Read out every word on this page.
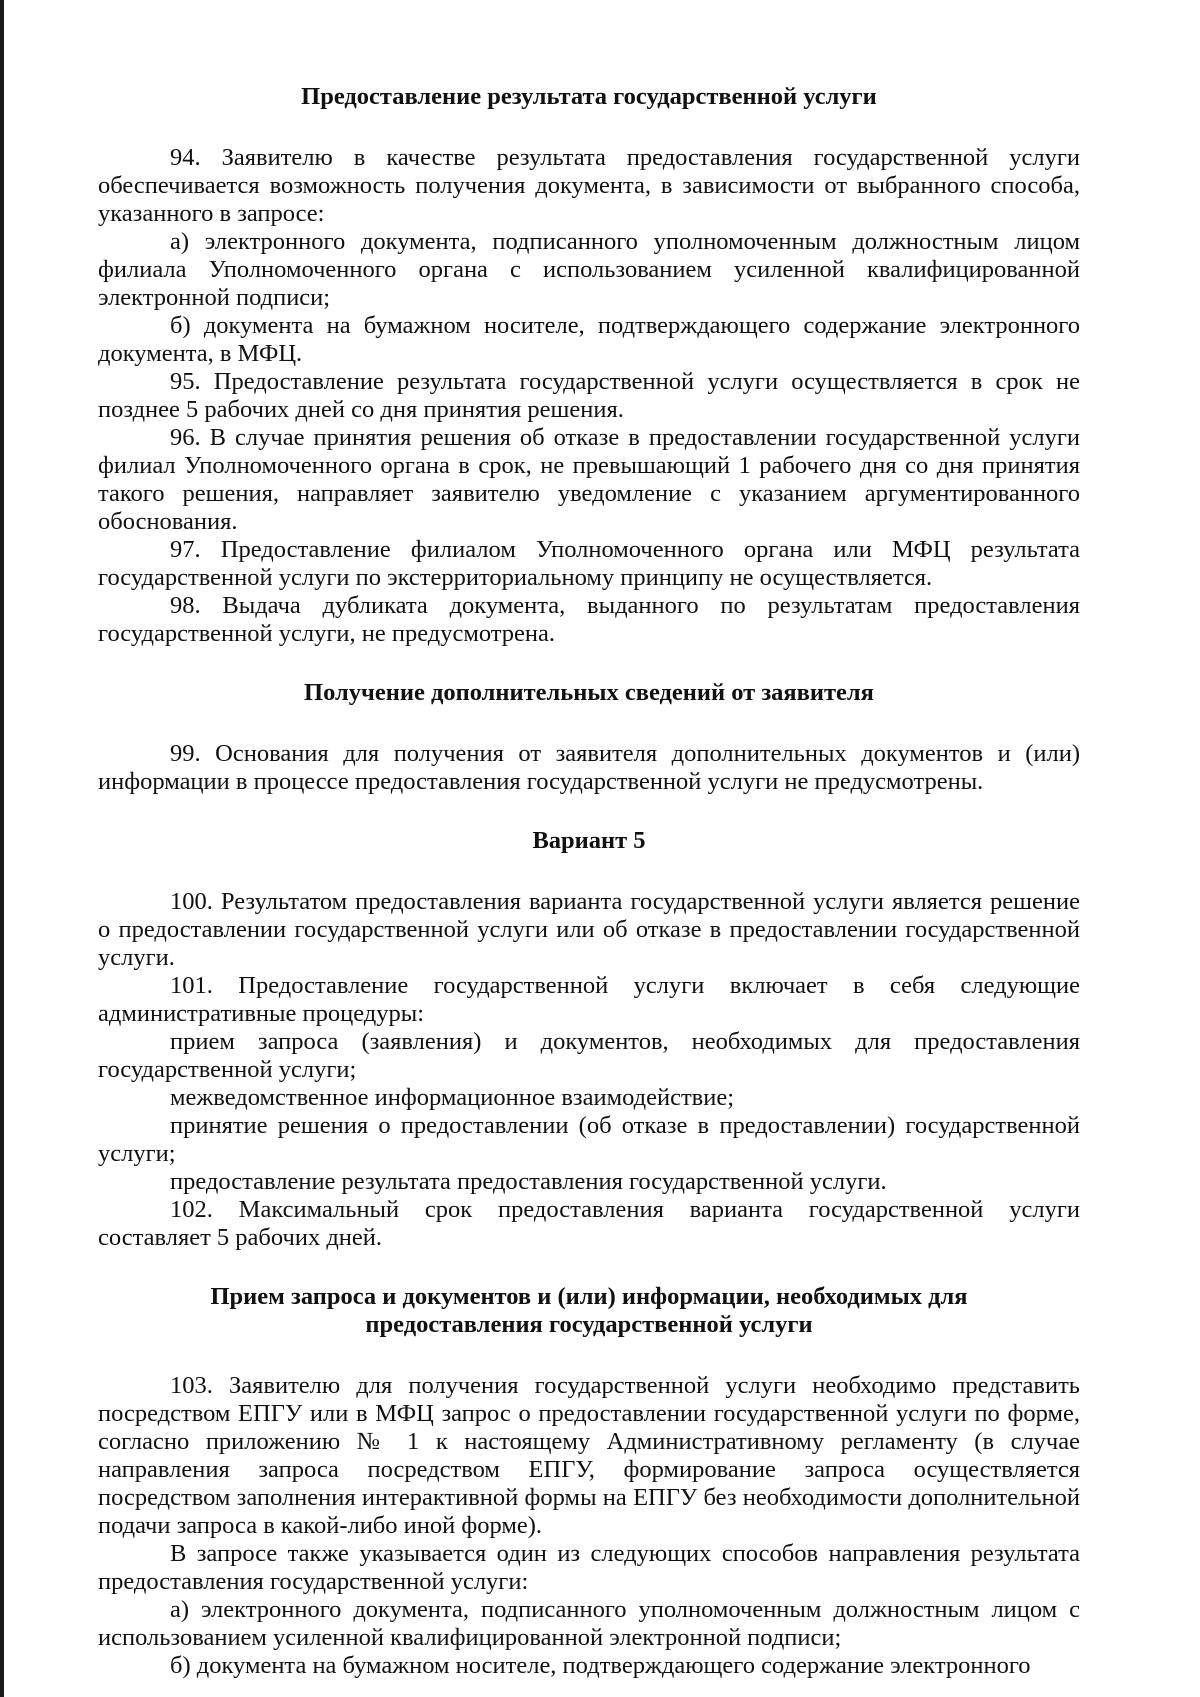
Предоставление результата государственной услуги

94. Заявителю в качестве результата предоставления государственной услуги обеспечивается возможность получения документа, в зависимости от выбранного способа, указанного в запросе:

а) электронного документа, подписанного уполномоченным должностным лицом филиала Уполномоченного органа с использованием усиленной квалифицированной электронной подписи;

б) документа на бумажном носителе, подтверждающего содержание электронного документа, в МФЦ.

95. Предоставление результата государственной услуги осуществляется в срок не позднее 5 рабочих дней со дня принятия решения.

96. В случае принятия решения об отказе в предоставлении государственной услуги филиал Уполномоченного органа в срок, не превышающий 1 рабочего дня со дня принятия такого решения, направляет заявителю уведомление с указанием аргументированного обоснования.

97. Предоставление филиалом Уполномоченного органа или МФЦ результата государственной услуги по экстерриториальному принципу не осуществляется.

98. Выдача дубликата документа, выданного по результатам предоставления государственной услуги, не предусмотрена.

Получение дополнительных сведений от заявителя

99. Основания для получения от заявителя дополнительных документов и (или) информации в процессе предоставления государственной услуги не предусмотрены.

Вариант 5

100. Результатом предоставления варианта государственной услуги является решение о предоставлении государственной услуги или об отказе в предоставлении государственной услуги.

101. Предоставление государственной услуги включает в себя следующие административные процедуры:

прием запроса (заявления) и документов, необходимых для предоставления государственной услуги;

межведомственное информационное взаимодействие;

принятие решения о предоставлении (об отказе в предоставлении) государственной услуги;

предоставление результата предоставления государственной услуги.

102. Максимальный срок предоставления варианта государственной услуги составляет 5 рабочих дней.

Прием запроса и документов и (или) информации, необходимых для
предоставления государственной услуги

103. Заявителю для получения государственной услуги необходимо представить посредством ЕПГУ или в МФЦ запрос о предоставлении государственной услуги по форме, согласно приложению № 1 к настоящему Административному регламенту (в случае направления запроса посредством ЕПГУ, формирование запроса осуществляется посредством заполнения интерактивной формы на ЕПГУ без необходимости дополнительной подачи запроса в какой-либо иной форме).

В запросе также указывается один из следующих способов направления результата предоставления государственной услуги:

а) электронного документа, подписанного уполномоченным должностным лицом с использованием усиленной квалифицированной электронной подписи;

б) документа на бумажном носителе, подтверждающего содержание электронного
